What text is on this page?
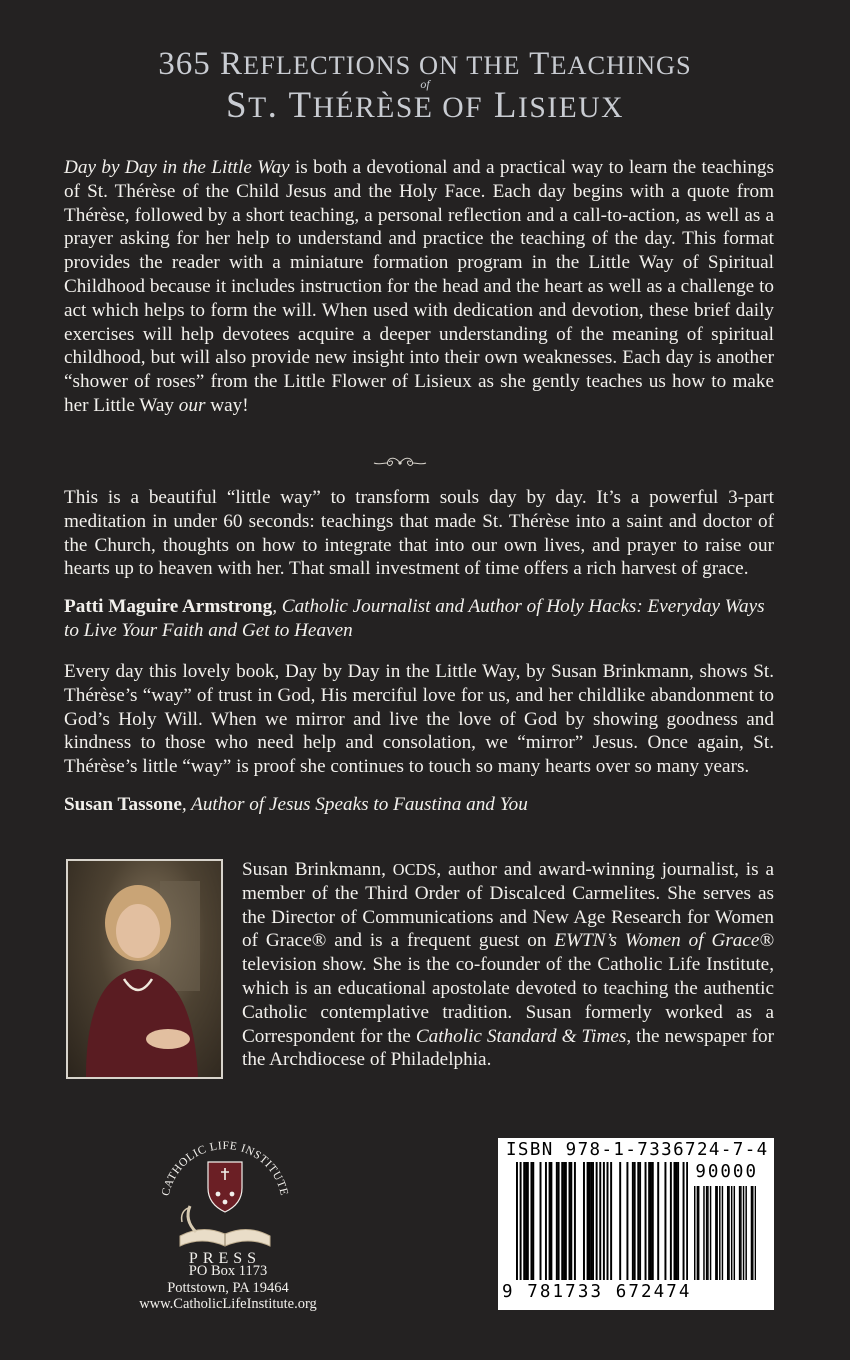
365 REFLECTIONS ON THE TEACHINGS
of
ST. THÉRÈSE OF LISIEUX

Day by Day in the Little Way is both a devotional and a practical way to learn the teachings of St. Thérèse of the Child Jesus and the Holy Face. Each day begins with a quote from Thérèse, followed by a short teaching, a personal reflection and a call-to-action, as well as a prayer asking for her help to understand and practice the teaching of the day. This format provides the reader with a miniature formation program in the Little Way of Spiritual Childhood because it includes instruction for the head and the heart as well as a challenge to act which helps to form the will. When used with dedication and devotion, these brief daily exercises will help devotees acquire a deeper understanding of the meaning of spiritual childhood, but will also provide new insight into their own weaknesses. Each day is another “shower of roses” from the Little Flower of Lisieux as she gently teaches us how to make her Little Way our way!

This is a beautiful “little way” to transform souls day by day. It’s a powerful 3-part meditation in under 60 seconds: teachings that made St. Thérèse into a saint and doctor of the Church, thoughts on how to integrate that into our own lives, and prayer to raise our hearts up to heaven with her. That small investment of time offers a rich harvest of grace.

Patti Maguire Armstrong, Catholic Journalist and Author of Holy Hacks: Everyday Ways to Live Your Faith and Get to Heaven

Every day this lovely book, Day by Day in the Little Way, by Susan Brinkmann, shows St. Thérèse’s “way” of trust in God, His merciful love for us, and her childlike abandonment to God’s Holy Will. When we mirror and live the love of God by showing goodness and kindness to those who need help and consolation, we “mirror” Jesus. Once again, St. Thérèse’s little “way” is proof she continues to touch so many hearts over so many years.

Susan Tassone, Author of Jesus Speaks to Faustina and You

Susan Brinkmann, OCDS, author and award-winning journalist, is a member of the Third Order of Discalced Carmelites. She serves as the Director of Communications and New Age Research for Women of Grace® and is a frequent guest on EWTN’s Women of Grace® television show. She is the co-founder of the Catholic Life Institute, which is an educational apostolate devoted to teaching the authentic Catholic contemplative tradition. Susan formerly worked as a Correspondent for the Catholic Standard & Times, the newspaper for the Archdiocese of Philadelphia.

CATHOLIC LIFE INSTITUTE
PRESS
PO Box 1173
Pottstown, PA 19464
www.CatholicLifeInstitute.org
ISBN 978-1-7336724-7-4
90000
9 781733 672474
